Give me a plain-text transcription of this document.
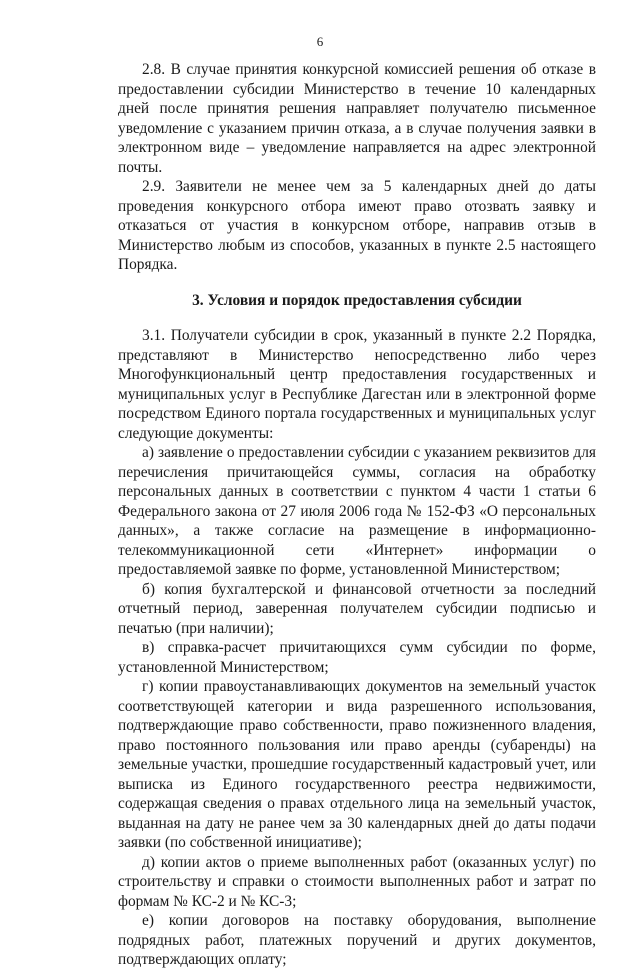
6

2.8. В случае принятия конкурсной комиссией решения об отказе в предоставлении субсидии Министерство в течение 10 календарных дней после принятия решения направляет получателю письменное уведомление с указанием причин отказа, а в случае получения заявки в электронном виде – уведомление направляется на адрес электронной почты.

2.9. Заявители не менее чем за 5 календарных дней до даты проведения конкурсного отбора имеют право отозвать заявку и отказаться от участия в конкурсном отборе, направив отзыв в Министерство любым из способов, указанных в пункте 2.5 настоящего Порядка.

3. Условия и порядок предоставления субсидии

3.1. Получатели субсидии в срок, указанный в пункте 2.2 Порядка, представляют в Министерство непосредственно либо через Многофункциональный центр предоставления государственных и муниципальных услуг в Республике Дагестан или в электронной форме посредством Единого портала государственных и муниципальных услуг следующие документы:

а) заявление о предоставлении субсидии с указанием реквизитов для перечисления причитающейся суммы, согласия на обработку персональных данных в соответствии с пунктом 4 части 1 статьи 6 Федерального закона от 27 июля 2006 года № 152-ФЗ «О персональных данных», а также согласие на размещение в информационно-телекоммуникационной сети «Интернет» информации о предоставляемой заявке по форме, установленной Министерством;

б) копия бухгалтерской и финансовой отчетности за последний отчетный период, заверенная получателем субсидии подписью и печатью (при наличии);

в) справка-расчет причитающихся сумм субсидии по форме, установленной Министерством;

г) копии правоустанавливающих документов на земельный участок соответствующей категории и вида разрешенного использования, подтверждающие право собственности, право пожизненного владения, право постоянного пользования или право аренды (субаренды) на земельные участки, прошедшие государственный кадастровый учет, или выписка из Единого государственного реестра недвижимости, содержащая сведения о правах отдельного лица на земельный участок, выданная на дату не ранее чем за 30 календарных дней до даты подачи заявки (по собственной инициативе);

д) копии актов о приеме выполненных работ (оказанных услуг) по строительству и справки о стоимости выполненных работ и затрат по формам № КС-2 и № КС-3;

е) копии договоров на поставку оборудования, выполнение подрядных работ, платежных поручений и других документов, подтверждающих оплату;
